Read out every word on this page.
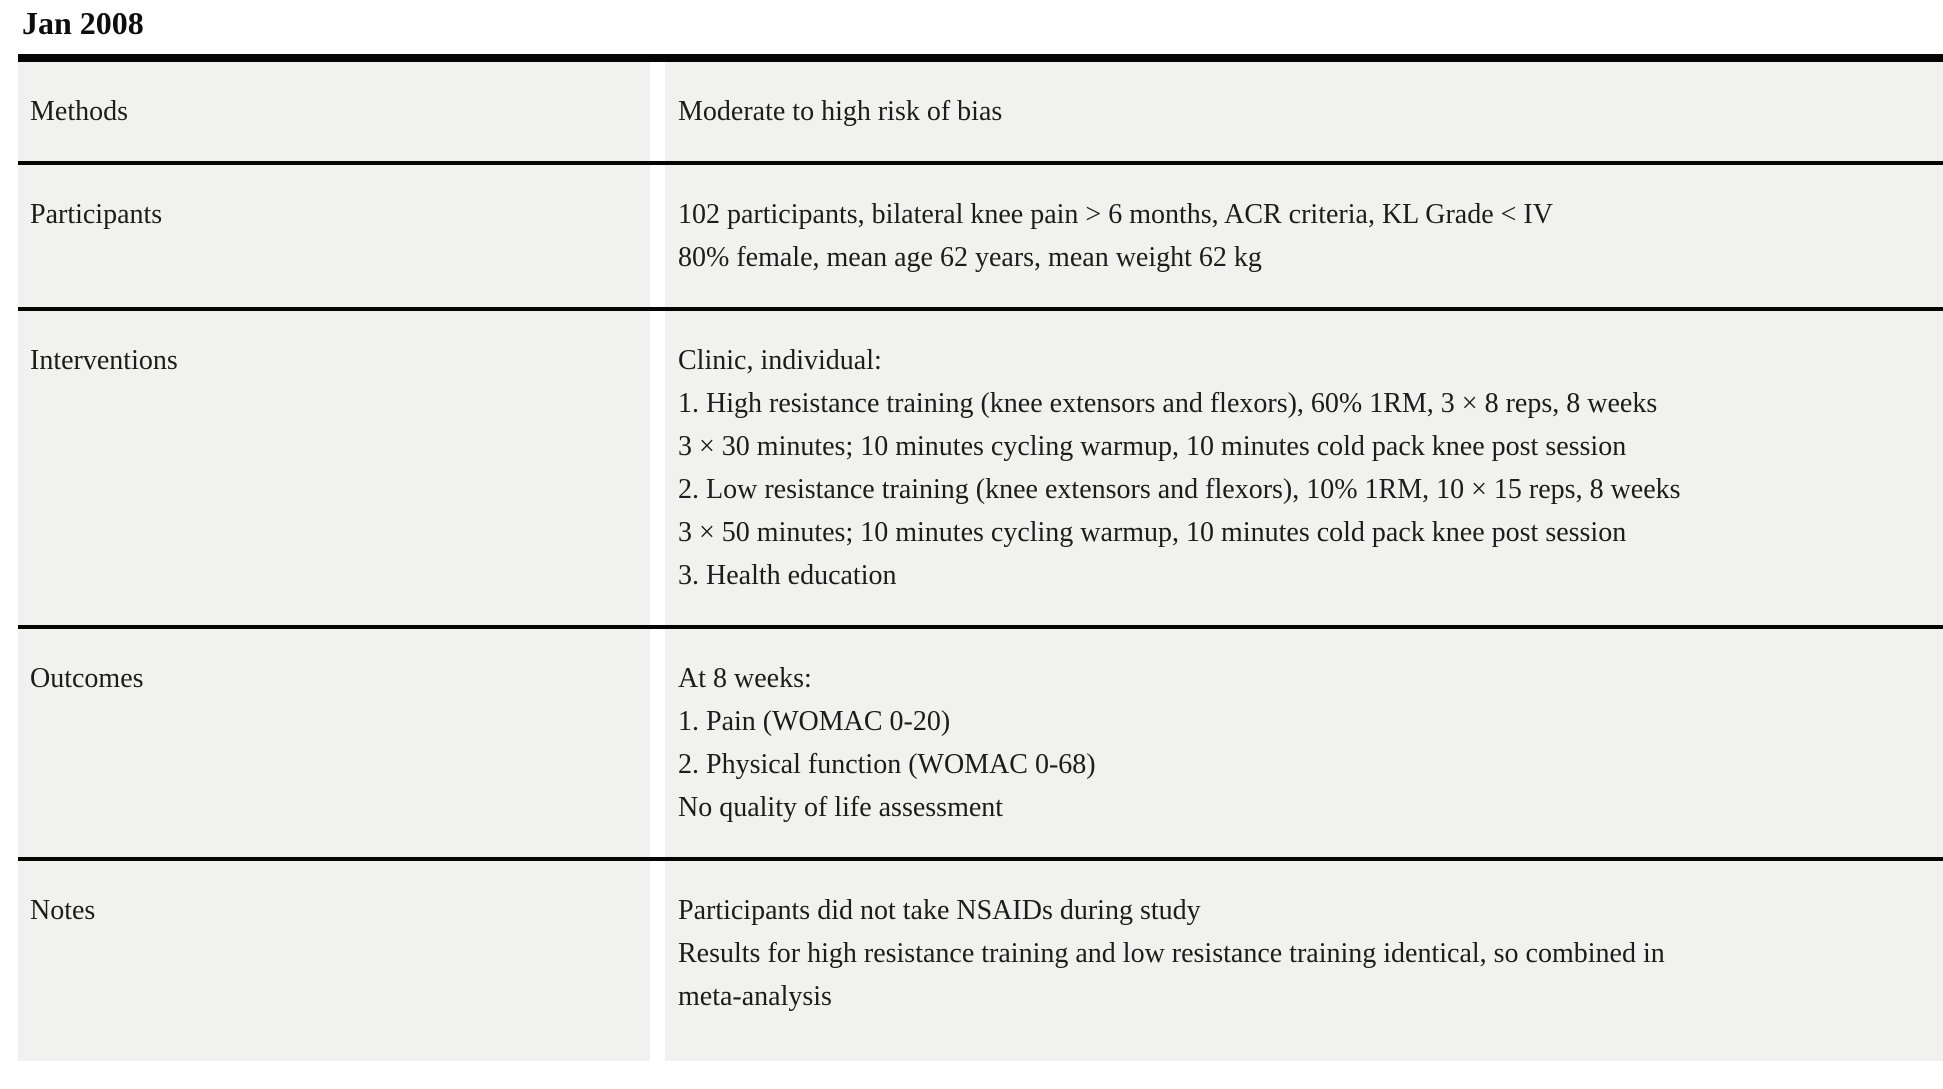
Jan 2008
Methods	Moderate to high risk of bias

Participants	102 participants, bilateral knee pain > 6 months, ACR criteria, KL Grade < IV

80% female, mean age 62 years, mean weight 62 kg

Interventions	Clinic, individual:

1. High resistance training (knee extensors and flexors), 60% 1RM, 3 × 8 reps, 8 weeks

3 × 30 minutes; 10 minutes cycling warmup, 10 minutes cold pack knee post session

2. Low resistance training (knee extensors and flexors), 10% 1RM, 10 × 15 reps, 8 weeks

3 × 50 minutes; 10 minutes cycling warmup, 10 minutes cold pack knee post session

3. Health education

Outcomes	At 8 weeks:

1. Pain (WOMAC 0-20)

2. Physical function (WOMAC 0-68)

No quality of life assessment

Notes	Participants did not take NSAIDs during study

Results for high resistance training and low resistance training identical, so combined in

meta-analysis
